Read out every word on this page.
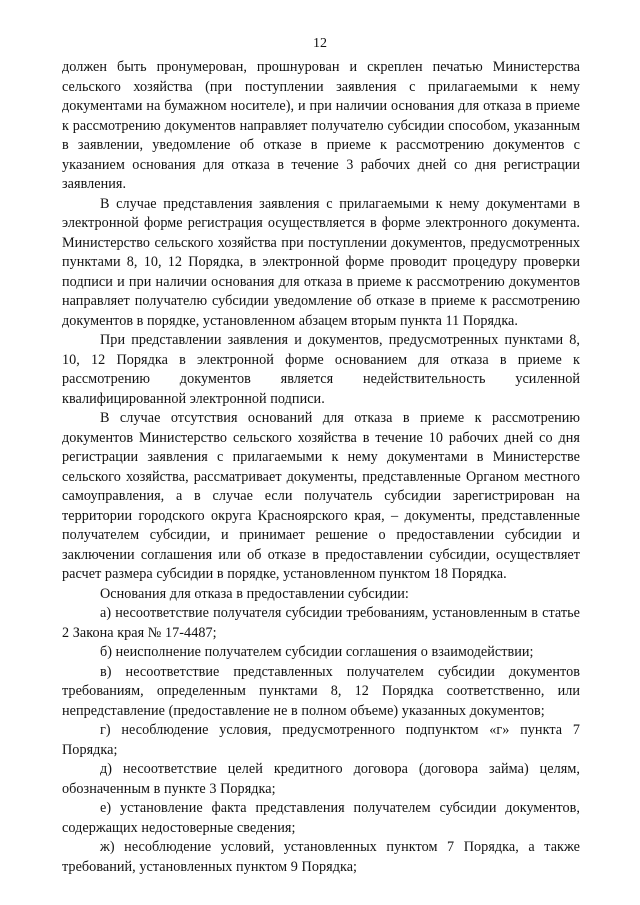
12

должен быть пронумерован, прошнурован и скреплен печатью Министерства сельского хозяйства (при поступлении заявления с прилагаемыми к нему документами на бумажном носителе), и при наличии основания для отказа в приеме к рассмотрению документов направляет получателю субсидии способом, указанным в заявлении, уведомление об отказе в приеме к рассмотрению документов с указанием основания для отказа в течение 3 рабочих дней со дня регистрации заявления.

В случае представления заявления с прилагаемыми к нему документами в электронной форме регистрация осуществляется в форме электронного документа. Министерство сельского хозяйства при поступлении документов, предусмотренных пунктами 8, 10, 12 Порядка, в электронной форме проводит процедуру проверки подписи и при наличии основания для отказа в приеме к рассмотрению документов направляет получателю субсидии уведомление об отказе в приеме к рассмотрению документов в порядке, установленном абзацем вторым пункта 11 Порядка.

При представлении заявления и документов, предусмотренных пунктами 8, 10, 12 Порядка в электронной форме основанием для отказа в приеме к рассмотрению документов является недействительность усиленной квалифицированной электронной подписи.

В случае отсутствия оснований для отказа в приеме к рассмотрению документов Министерство сельского хозяйства в течение 10 рабочих дней со дня регистрации заявления с прилагаемыми к нему документами в Министерстве сельского хозяйства, рассматривает документы, представленные Органом местного самоуправления, а в случае если получатель субсидии зарегистрирован на территории городского округа Красноярского края, – документы, представленные получателем субсидии, и принимает решение о предоставлении субсидии и заключении соглашения или об отказе в предоставлении субсидии, осуществляет расчет размера субсидии в порядке, установленном пунктом 18 Порядка.

Основания для отказа в предоставлении субсидии:

а) несоответствие получателя субсидии требованиям, установленным в статье 2 Закона края № 17-4487;

б) неисполнение получателем субсидии соглашения о взаимодействии;

в) несоответствие представленных получателем субсидии документов требованиям, определенным пунктами 8, 12 Порядка соответственно, или непредставление (предоставление не в полном объеме) указанных документов;

г) несоблюдение условия, предусмотренного подпунктом «г» пункта 7 Порядка;

д) несоответствие целей кредитного договора (договора займа) целям, обозначенным в пункте 3 Порядка;

е) установление факта представления получателем субсидии документов, содержащих недостоверные сведения;

ж) несоблюдение условий, установленных пунктом 7 Порядка, а также требований, установленных пунктом 9 Порядка;
